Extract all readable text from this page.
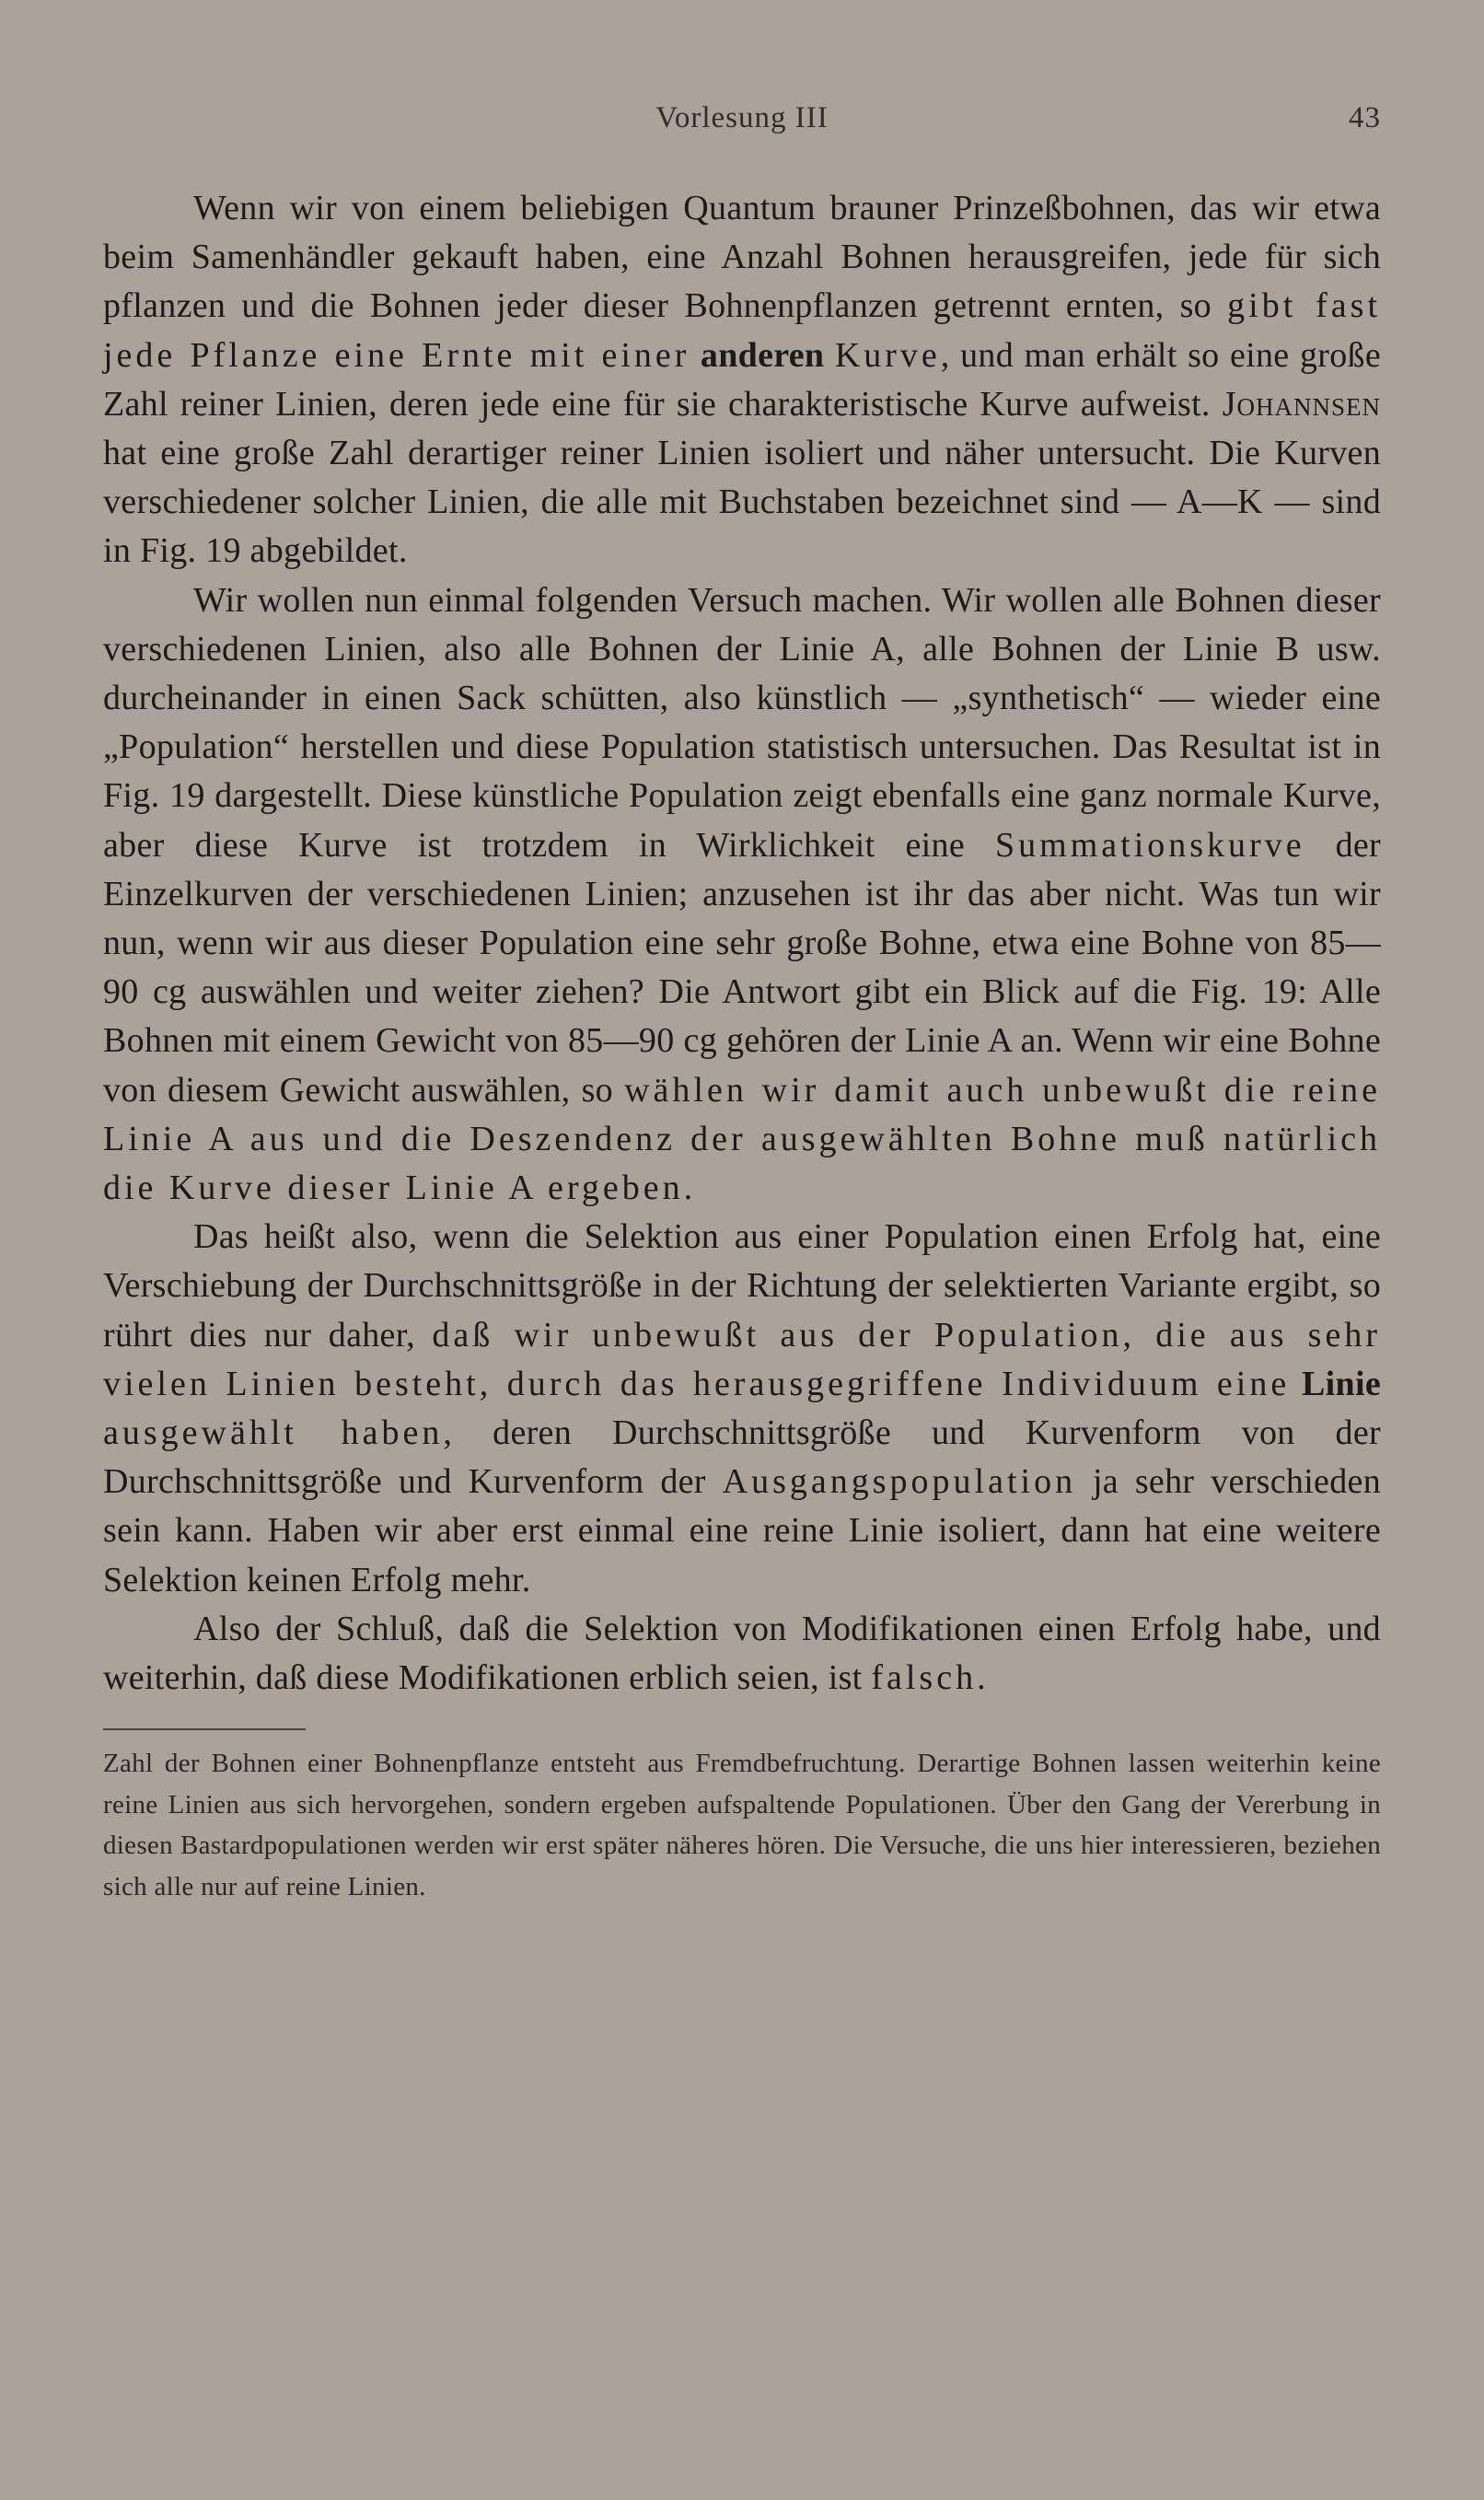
Vorlesung III	43

Wenn wir von einem beliebigen Quantum brauner Prinzeßbohnen, das wir etwa beim Samenhändler gekauft haben, eine Anzahl Bohnen herausgreifen, jede für sich pflanzen und die Bohnen jeder dieser Bohnenpflanzen getrennt ernten, so gibt fast jede Pflanze eine Ernte mit einer anderen Kurve, und man erhält so eine große Zahl reiner Linien, deren jede eine für sie charakteristische Kurve aufweist. Johannsen hat eine große Zahl derartiger reiner Linien isoliert und näher untersucht. Die Kurven verschiedener solcher Linien, die alle mit Buchstaben bezeichnet sind — A—K — sind in Fig. 19 abgebildet.

Wir wollen nun einmal folgenden Versuch machen. Wir wollen alle Bohnen dieser verschiedenen Linien, also alle Bohnen der Linie A, alle Bohnen der Linie B usw. durcheinander in einen Sack schütten, also künstlich — „synthetisch“ — wieder eine „Population“ herstellen und diese Population statistisch untersuchen. Das Resultat ist in Fig. 19 dargestellt. Diese künstliche Population zeigt ebenfalls eine ganz normale Kurve, aber diese Kurve ist trotzdem in Wirklichkeit eine Summationskurve der Einzelkurven der verschiedenen Linien; anzusehen ist ihr das aber nicht. Was tun wir nun, wenn wir aus dieser Population eine sehr große Bohne, etwa eine Bohne von 85—90 cg auswählen und weiter ziehen? Die Antwort gibt ein Blick auf die Fig. 19: Alle Bohnen mit einem Gewicht von 85—90 cg gehören der Linie A an. Wenn wir eine Bohne von diesem Gewicht auswählen, so wählen wir damit auch unbewußt die reine Linie A aus und die Deszendenz der ausgewählten Bohne muß natürlich die Kurve dieser Linie A ergeben.

Das heißt also, wenn die Selektion aus einer Population einen Erfolg hat, eine Verschiebung der Durchschnittsgröße in der Richtung der selektierten Variante ergibt, so rührt dies nur daher, daß wir unbewußt aus der Population, die aus sehr vielen Linien besteht, durch das herausgegriffene Individuum eine Linie ausgewählt haben, deren Durchschnittsgröße und Kurvenform von der Durchschnittsgröße und Kurvenform der Ausgangspopulation ja sehr verschieden sein kann. Haben wir aber erst einmal eine reine Linie isoliert, dann hat eine weitere Selektion keinen Erfolg mehr.

Also der Schluß, daß die Selektion von Modifikationen einen Erfolg habe, und weiterhin, daß diese Modifikationen erblich seien, ist falsch.

Zahl der Bohnen einer Bohnenpflanze entsteht aus Fremdbefruchtung. Derartige Bohnen lassen weiterhin keine reine Linien aus sich hervorgehen, sondern ergeben aufspaltende Populationen. Über den Gang der Vererbung in diesen Bastardpopulationen werden wir erst später näheres hören. Die Versuche, die uns hier interessieren, beziehen sich alle nur auf reine Linien.
